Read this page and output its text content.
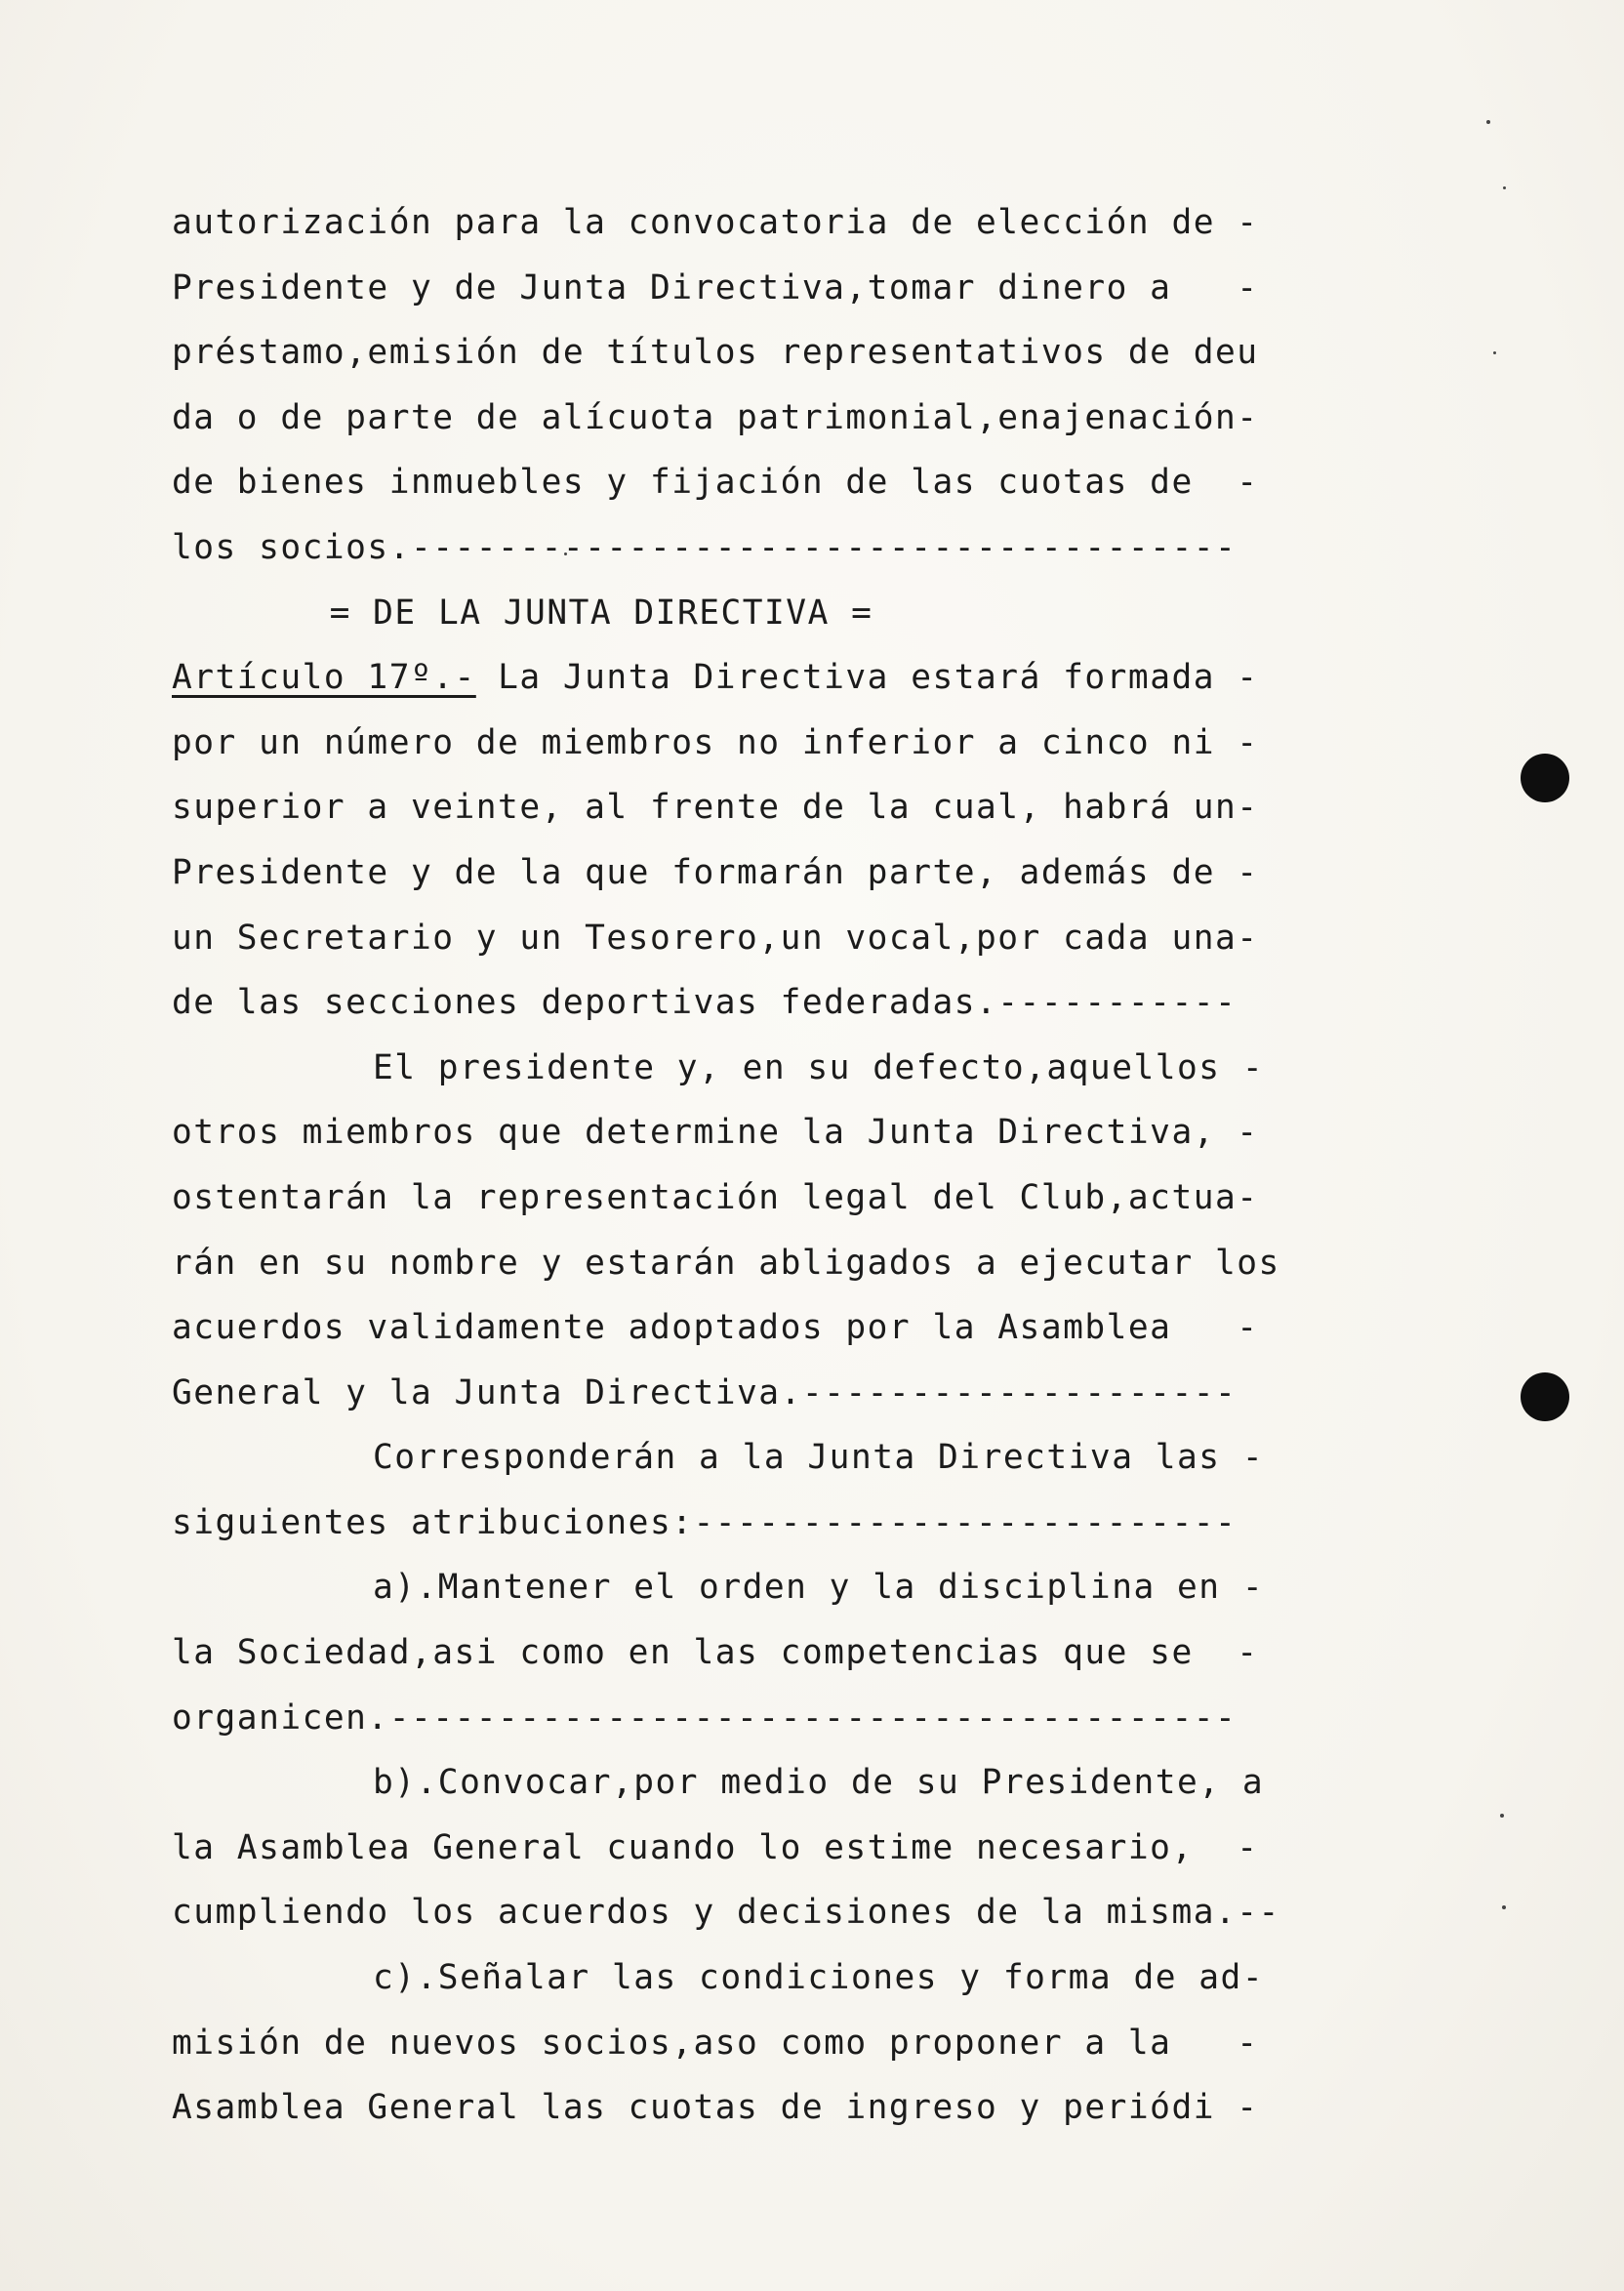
autorización para la convocatoria de elección de -
Presidente y de Junta Directiva,tomar dinero a   -
préstamo,emisión de títulos representativos de deu
da o de parte de alícuota patrimonial,enajenación-
de bienes inmuebles y fijación de las cuotas de  -
los socios.--------------------------------------
= DE LA JUNTA DIRECTIVA =
Artículo 17º.- La Junta Directiva estará formada -
por un número de miembros no inferior a cinco ni -
superior a veinte, al frente de la cual, habrá un-
Presidente y de la que formarán parte, además de -
un Secretario y un Tesorero,un vocal,por cada una-
de las secciones deportivas federadas.-----------
El presidente y, en su defecto,aquellos -
otros miembros que determine la Junta Directiva, -
ostentarán la representación legal del Club,actua-
rán en su nombre y estarán abligados a ejecutar los
acuerdos validamente adoptados por la Asamblea   -
General y la Junta Directiva.--------------------
Corresponderán a la Junta Directiva las -
siguientes atribuciones:-------------------------
a).Mantener el orden y la disciplina en -
la Sociedad,asi como en las competencias que se  -
organicen.---------------------------------------
b).Convocar,por medio de su Presidente, a
la Asamblea General cuando lo estime necesario,  -
cumpliendo los acuerdos y decisiones de la misma.--
c).Señalar las condiciones y forma de ad-
misión de nuevos socios,aso como proponer a la   -
Asamblea General las cuotas de ingreso y periódi -
